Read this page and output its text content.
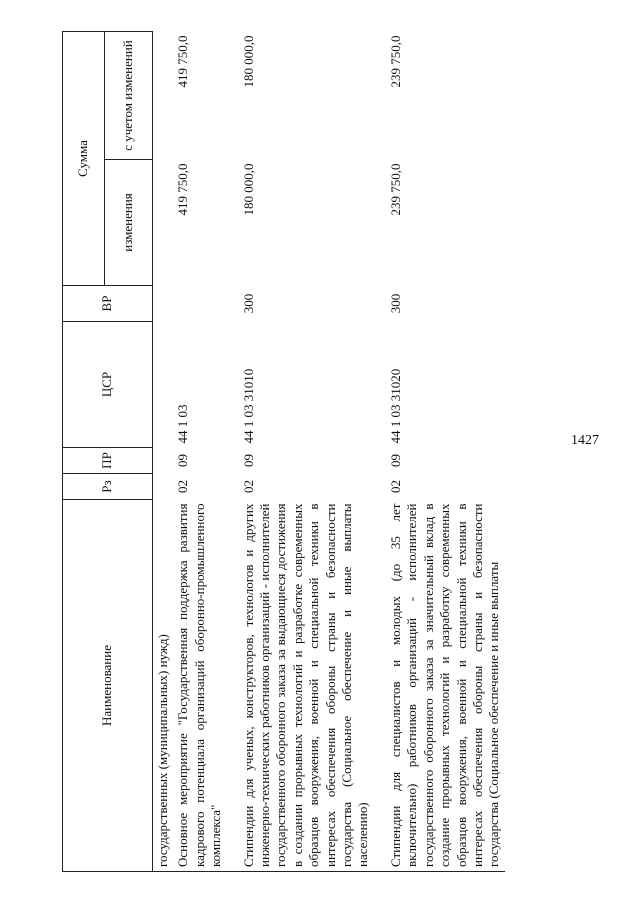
1427
Наименование	Рз	ПР	ЦСР	ВР	Сумма	
					изменения	с учетом изменений
государственных (муниципальных) нужд)						
Основное мероприятие "Государственная поддержка развития кадрового потенциала организаций оборонно-промышленного комплекса"	02	09	44 1 03		419 750,0	419 750,0

Стипендии для ученых, конструкторов, технологов и других инженерно-технических работников организаций - исполнителей государственного оборонного заказа за выдающиеся достижения в создании прорывных технологий и разработке современных образцов вооружения, военной и специальной техники в интересах обеспечения обороны страны и безопасности государства (Социальное обеспечение и иные выплаты населению)	02	09	44 1 03 31010	300	180 000,0	180 000,0

Стипендии для специалистов и молодых (до 35 лет включительно) работников организаций - исполнителей государственного оборонного заказа за значительный вклад в создание прорывных технологий и разработку современных образцов вооружения, военной и специальной техники в интересах обеспечения обороны страны и безопасности государства (Социальное обеспечение и иные выплаты	02	09	44 1 03 31020	300	239 750,0	239 750,0
